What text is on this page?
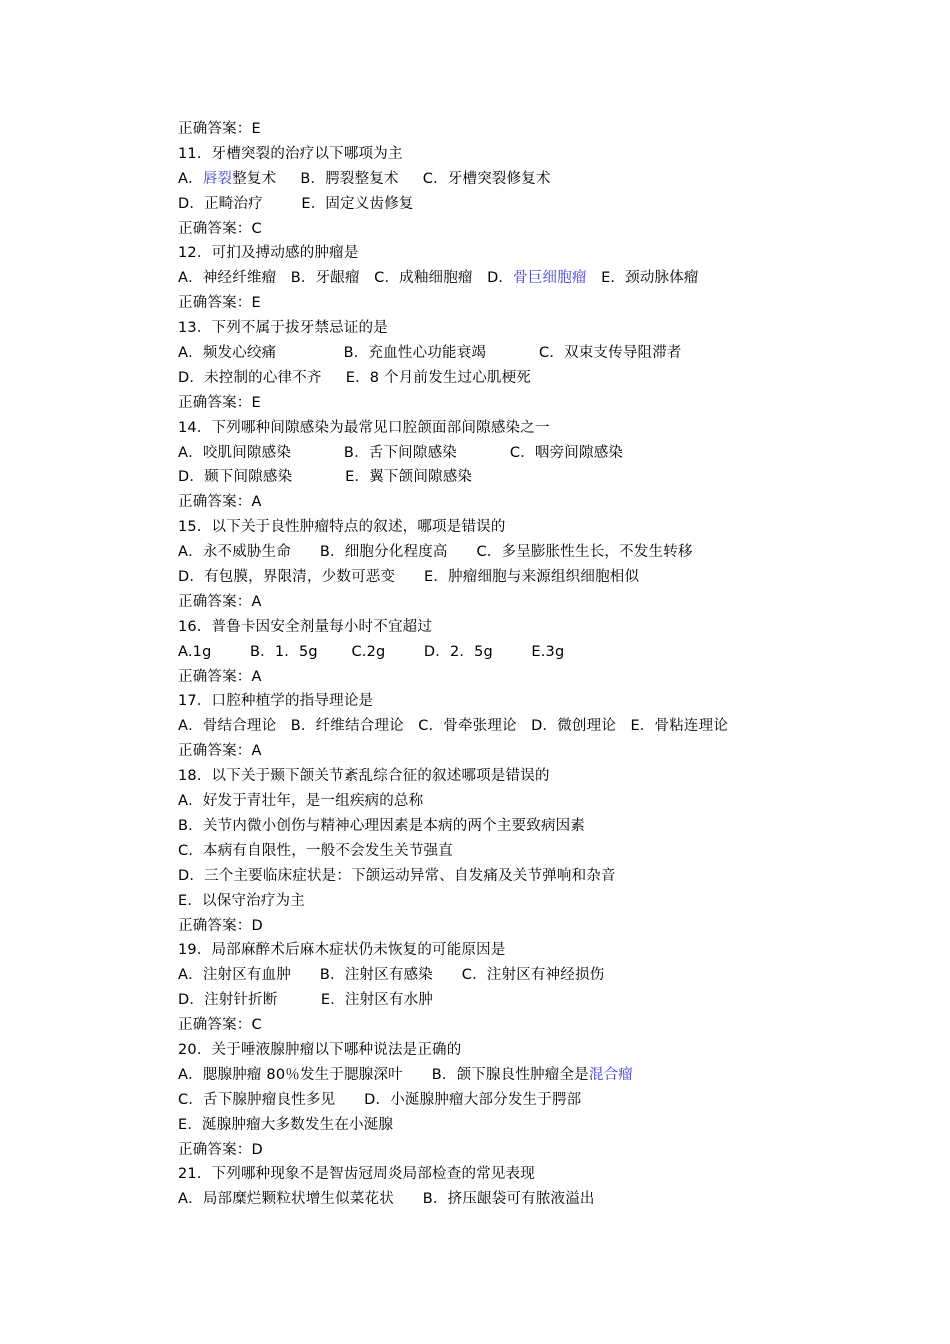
正确答案：E
11．牙槽突裂的治疗以下哪项为主
A．唇裂整复术     B．腭裂整复术     C．牙槽突裂修复术
D．正畸治疗        E．固定义齿修复
正确答案：C
12．可扪及搏动感的肿瘤是
A．神经纤维瘤   B．牙龈瘤   C．成釉细胞瘤   D．骨巨细胞瘤   E．颈动脉体瘤
正确答案：E
13．下列不属于拔牙禁忌证的是
A．频发心绞痛              B．充血性心功能衰竭           C．双束支传导阻滞者
D．未控制的心律不齐     E．8 个月前发生过心肌梗死
正确答案：E
14．下列哪种间隙感染为最常见口腔颌面部间隙感染之一
A．咬肌间隙感染           B．舌下间隙感染           C．咽旁间隙感染
D．颞下间隙感染           E．翼下颌间隙感染
正确答案：A
15．以下关于良性肿瘤特点的叙述，哪项是错误的
A．永不威胁生命      B．细胞分化程度高      C．多呈膨胀性生长，不发生转移
D．有包膜，界限清，少数可恶变      E．肿瘤细胞与来源组织细胞相似
正确答案：A
16．普鲁卡因安全剂量每小时不宜超过
A.1g        B．1．5g       C.2g        D．2．5g        E.3g
正确答案：A
17．口腔种植学的指导理论是
A．骨结合理论   B．纤维结合理论   C．骨牵张理论   D．微创理论   E．骨粘连理论
正确答案：A
18．以下关于颞下颌关节紊乱综合征的叙述哪项是错误的
A．好发于青壮年，是一组疾病的总称
B．关节内微小创伤与精神心理因素是本病的两个主要致病因素
C．本病有自限性，一般不会发生关节强直
D．三个主要临床症状是：下颌运动异常、自发痛及关节弹响和杂音
E．以保守治疗为主
正确答案：D
19．局部麻醉术后麻木症状仍未恢复的可能原因是
A．注射区有血肿      B．注射区有感染      C．注射区有神经损伤
D．注射针折断         E．注射区有水肿
正确答案：C
20．关于唾液腺肿瘤以下哪种说法是正确的
A．腮腺肿瘤 80％发生于腮腺深叶      B．颌下腺良性肿瘤全是混合瘤
C．舌下腺肿瘤良性多见      D．小涎腺肿瘤大部分发生于腭部
E．涎腺肿瘤大多数发生在小涎腺
正确答案：D
21．下列哪种现象不是智齿冠周炎局部检查的常见表现
A．局部糜烂颗粒状增生似菜花状      B．挤压龈袋可有脓液溢出
